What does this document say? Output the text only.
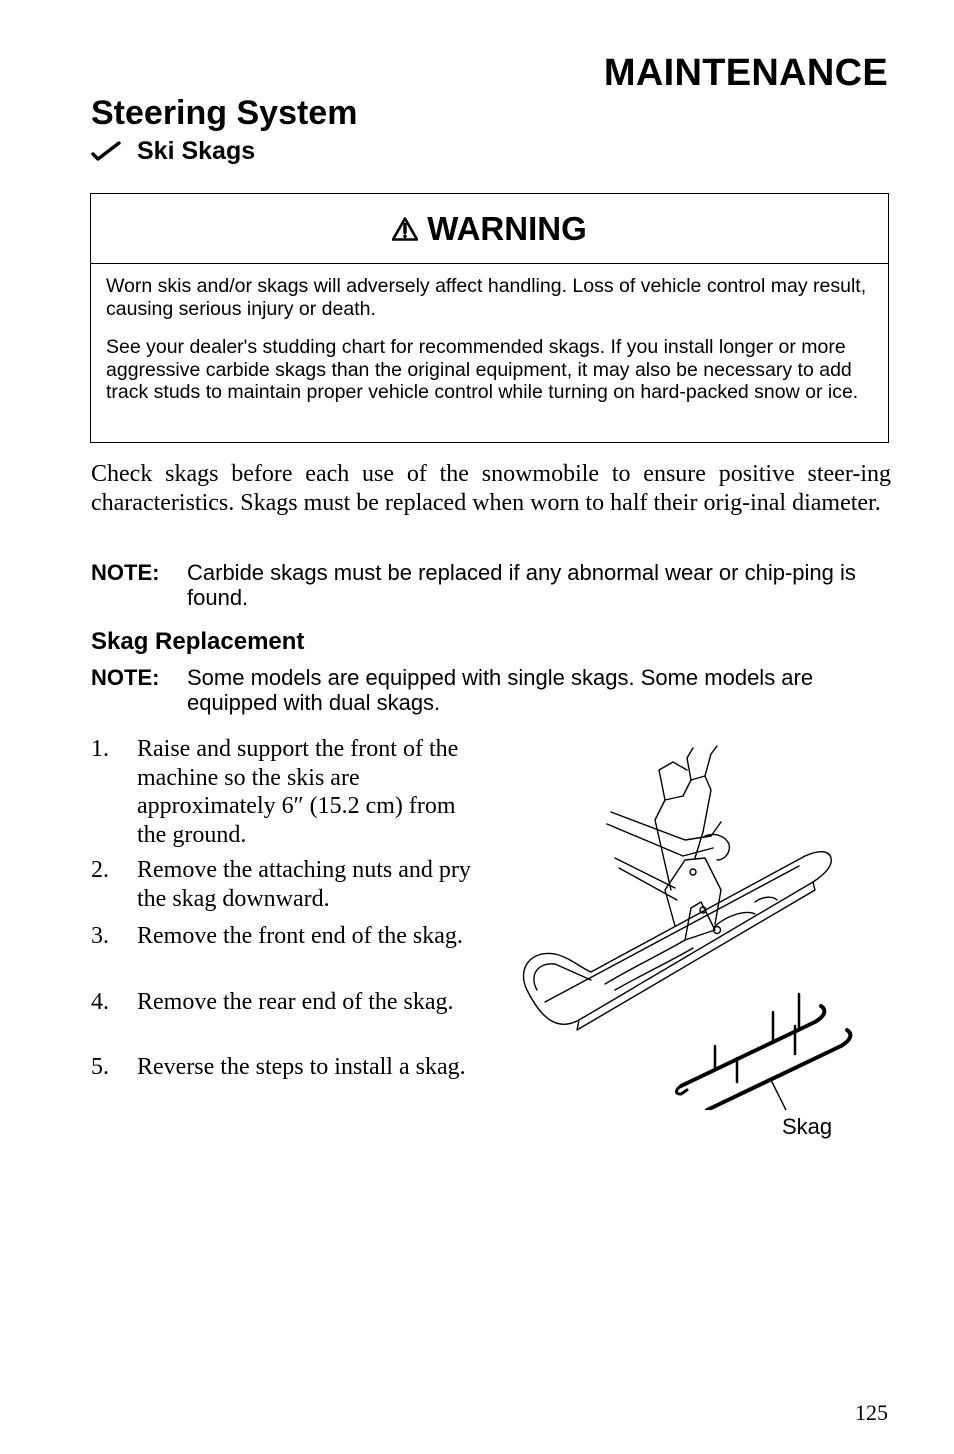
MAINTENANCE
Steering System
Ski Skags
WARNING

Worn skis and/or skags will adversely affect handling. Loss of vehicle control may result, causing serious injury or death.

See your dealer's studding chart for recommended skags. If you install longer or more aggressive carbide skags than the original equipment, it may also be necessary to add track studs to maintain proper vehicle control while turning on hard-packed snow or ice.

Check skags before each use of the snowmobile to ensure positive steer-ing characteristics. Skags must be replaced when worn to half their orig-inal diameter.

NOTE: Carbide skags must be replaced if any abnormal wear or chip-ping is found.
Skag Replacement
NOTE: Some models are equipped with single skags. Some models are equipped with dual skags.
1. Raise and support the front of the machine so the skis are approximately 6″ (15.2 cm) from the ground.
2. Remove the attaching nuts and pry the skag downward.
3. Remove the front end of the skag.
4. Remove the rear end of the skag.
5. Reverse the steps to install a skag.
Skag
125
